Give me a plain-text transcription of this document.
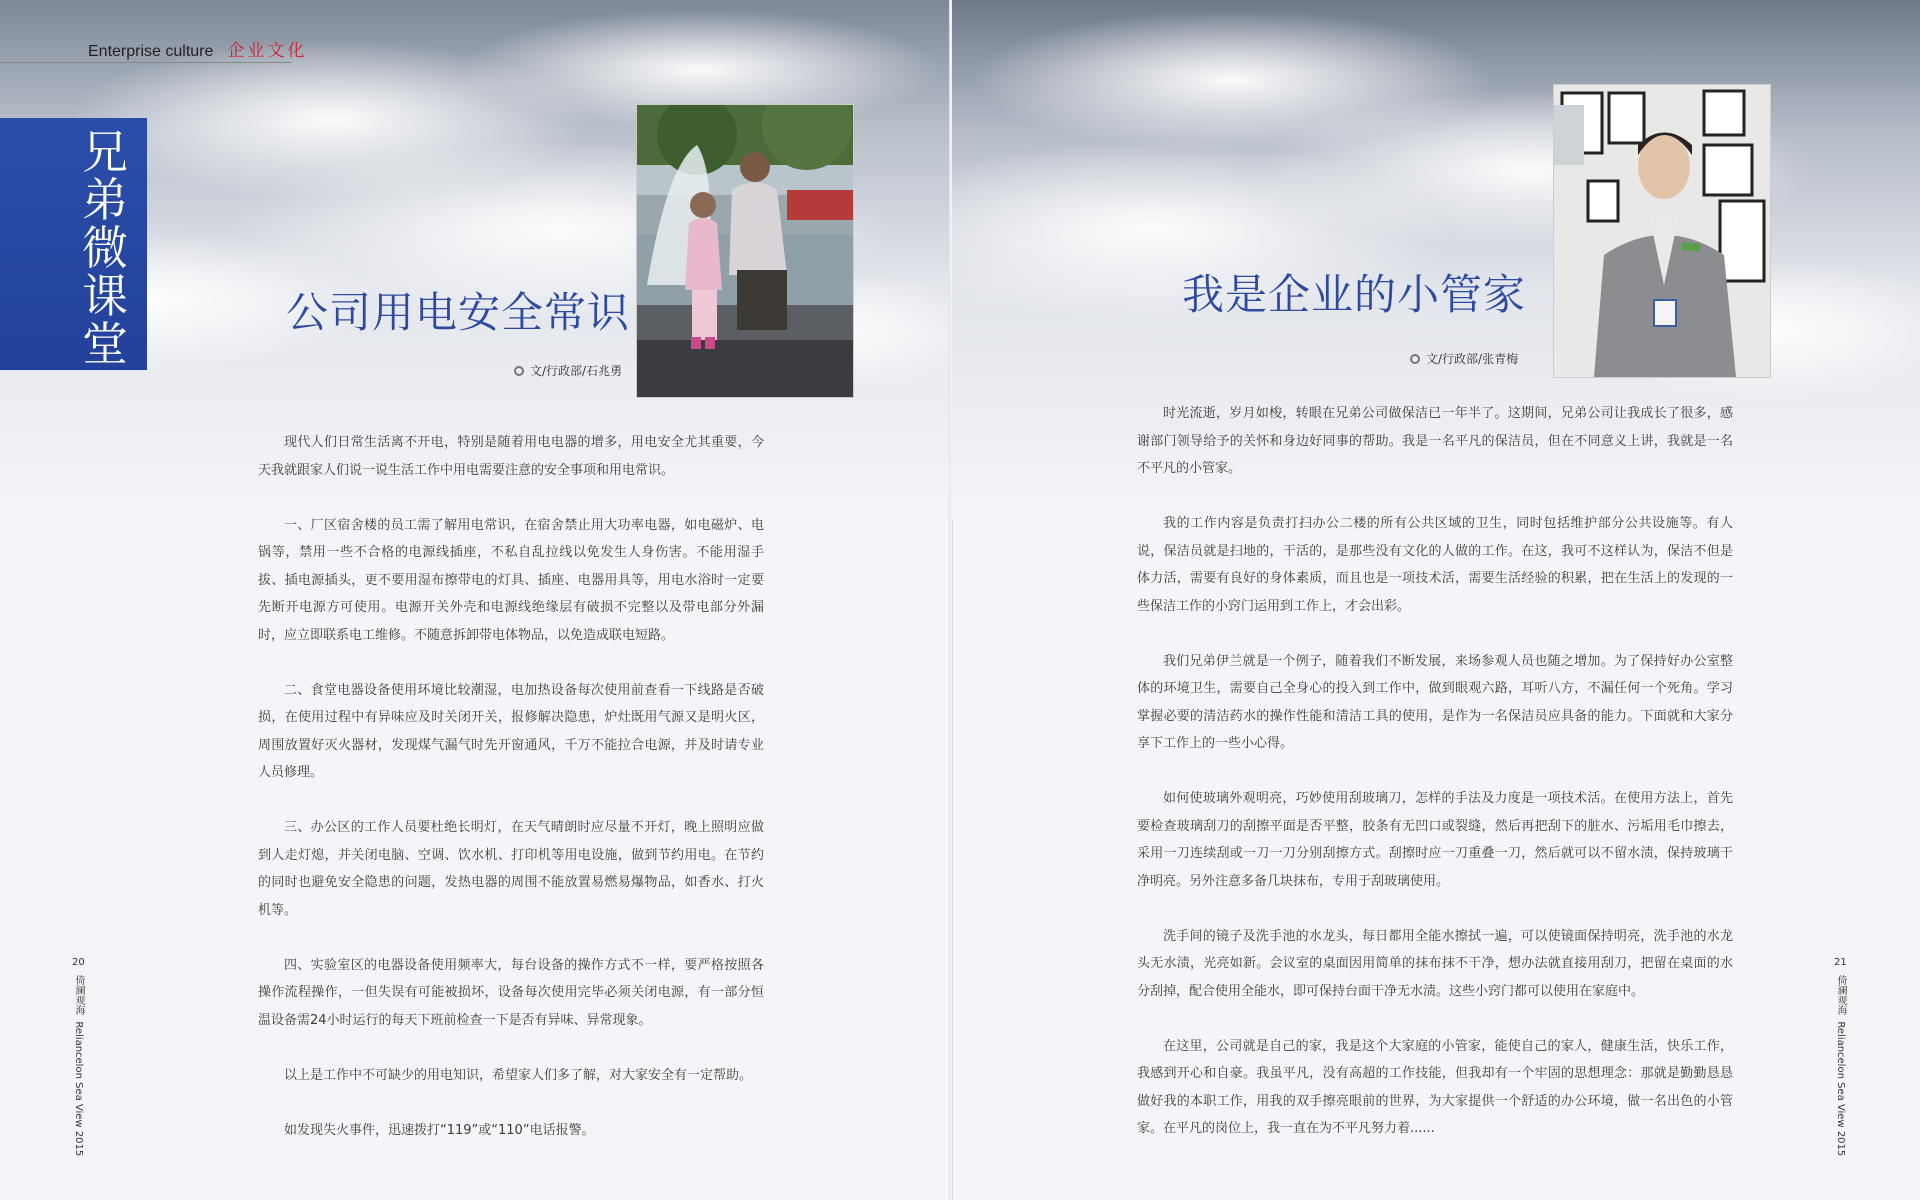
Enterprise culture 企业文化
兄弟微课堂
公司用电安全常识
文/行政部/石兆勇

现代人们日常生活离不开电，特别是随着用电电器的增多，用电安全尤其重要，今天我就跟家人们说一说生活工作中用电需要注意的安全事项和用电常识。

一、厂区宿舍楼的员工需了解用电常识，在宿舍禁止用大功率电器，如电磁炉、电锅等，禁用一些不合格的电源线插座，不私自乱拉线以免发生人身伤害。不能用湿手拔、插电源插头，更不要用湿布擦带电的灯具、插座、电器用具等，用电水浴时一定要先断开电源方可使用。电源开关外壳和电源线绝缘层有破损不完整以及带电部分外漏时，应立即联系电工维修。不随意拆卸带电体物品，以免造成联电短路。

二、食堂电器设备使用环境比较潮湿，电加热设备每次使用前查看一下线路是否破损，在使用过程中有异味应及时关闭开关，报修解决隐患，炉灶既用气源又是明火区，周围放置好灭火器材，发现煤气漏气时先开窗通风，千万不能拉合电源，并及时请专业人员修理。

三、办公区的工作人员要杜绝长明灯，在天气晴朗时应尽量不开灯，晚上照明应做到人走灯熄，并关闭电脑、空调、饮水机、打印机等用电设施，做到节约用电。在节约的同时也避免安全隐患的问题，发热电器的周围不能放置易燃易爆物品，如香水、打火机等。

四、实验室区的电器设备使用频率大，每台设备的操作方式不一样，要严格按照各操作流程操作，一但失误有可能被损坏，设备每次使用完毕必须关闭电源，有一部分恒温设备需24小时运行的每天下班前检查一下是否有异味、异常现象。

以上是工作中不可缺少的用电知识，希望家人们多了解，对大家安全有一定帮助。

如发现失火事件，迅速拨打“119”或“110”电话报警。

20
倚澜观海  Reliancelon Sea View 2015
我是企业的小管家
文/行政部/张青梅

时光流逝，岁月如梭，转眼在兄弟公司做保洁已一年半了。这期间，兄弟公司让我成长了很多，感谢部门领导给予的关怀和身边好同事的帮助。我是一名平凡的保洁员，但在不同意义上讲，我就是一名不平凡的小管家。

我的工作内容是负责打扫办公二楼的所有公共区域的卫生，同时包括维护部分公共设施等。有人说，保洁员就是扫地的，干活的，是那些没有文化的人做的工作。在这，我可不这样认为，保洁不但是体力活，需要有良好的身体素质，而且也是一项技术活，需要生活经验的积累，把在生活上的发现的一些保洁工作的小窍门运用到工作上，才会出彩。

我们兄弟伊兰就是一个例子，随着我们不断发展，来场参观人员也随之增加。为了保持好办公室整体的环境卫生，需要自己全身心的投入到工作中，做到眼观六路，耳听八方，不漏任何一个死角。学习掌握必要的清洁药水的操作性能和清洁工具的使用，是作为一名保洁员应具备的能力。下面就和大家分享下工作上的一些小心得。

如何使玻璃外观明亮，巧妙使用刮玻璃刀，怎样的手法及力度是一项技术活。在使用方法上，首先要检查玻璃刮刀的刮擦平面是否平整，胶条有无凹口或裂缝，然后再把刮下的脏水、污垢用毛巾擦去，采用一刀连续刮或一刀一刀分别刮擦方式。刮擦时应一刀重叠一刀，然后就可以不留水渍，保持玻璃干净明亮。另外注意多备几块抹布，专用于刮玻璃使用。

洗手间的镜子及洗手池的水龙头，每日都用全能水擦拭一遍，可以使镜面保持明亮，洗手池的水龙头无水渍，光亮如新。会议室的桌面因用简单的抹布抹不干净，想办法就直接用刮刀，把留在桌面的水分刮掉，配合使用全能水，即可保持台面干净无水渍。这些小窍门都可以使用在家庭中。

在这里，公司就是自己的家，我是这个大家庭的小管家，能使自己的家人，健康生活，快乐工作，我感到开心和自豪。我虽平凡，没有高超的工作技能，但我却有一个牢固的思想理念：那就是勤勤恳恳做好我的本职工作，用我的双手擦亮眼前的世界，为大家提供一个舒适的办公环境，做一名出色的小管家。在平凡的岗位上，我一直在为不平凡努力着......

21
倚澜观海  Reliancelon Sea View 2015
